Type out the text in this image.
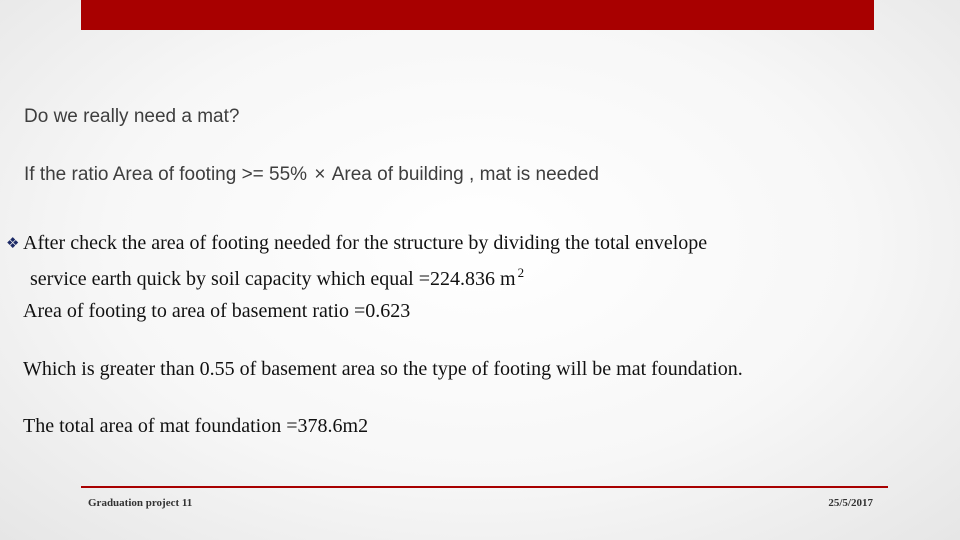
Do we really need a mat?
If the ratio Area of footing >= 55% × Area of building , mat is needed
❖ After check the area of footing needed for the structure by dividing the total envelope
service earth quick by soil capacity which equal =224.836 m $^2$
Area of footing to area of basement ratio =0.623
Which is greater than 0.55 of basement area so the type of footing will be mat foundation.
The total area of mat foundation =378.6m2
Graduation project 11	25/5/2017
